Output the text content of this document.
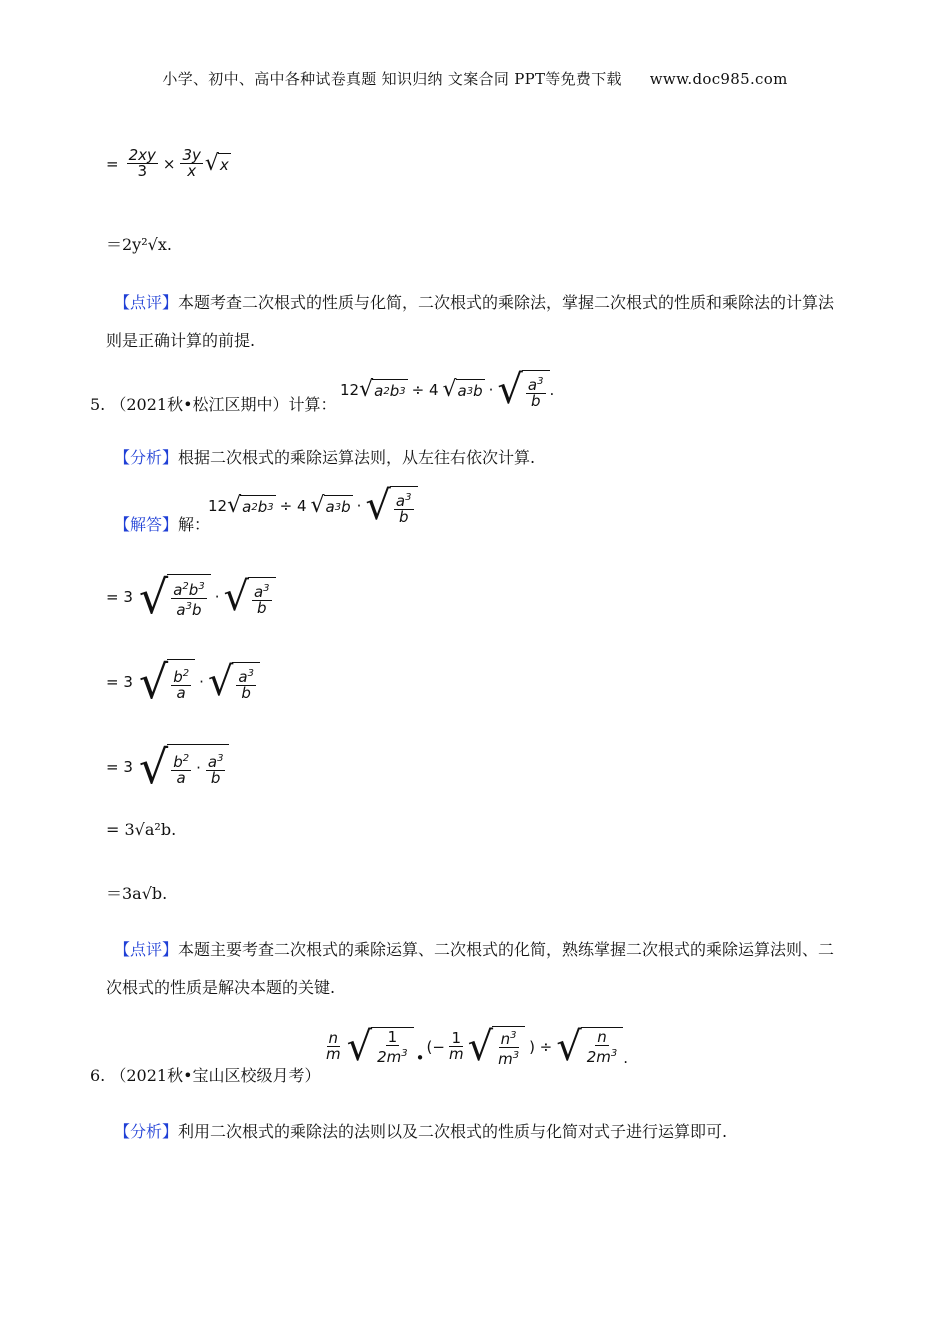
小学、初中、高中各种试卷真题 知识归纳 文案合同 PPT等免费下载 www.doc985.com
= $\frac{2xy}{3} \times \frac{3y}{x}$ √ x
＝2y²√x.
【点评】本题考查二次根式的性质与化简，二次根式的乘除法，掌握二次根式的性质和乘除法的计算法
则是正确计算的前提.
5. （2021秋•松江区期中）计算：
12 √ a 2 b 3 ÷ 4 √ a 3 b · √ $\frac{a^3}{b}$ .
【分析】根据二次根式的乘除运算法则，从左往右依次计算.
【解答】解：
12 √ a 2 b 3 ÷ 4 √ a 3 b · √ $\frac{a^3}{b}$
= 3 √ $\frac{a^2b^3}{a^3b}$ · √ $\frac{a^3}{b}$
= 3 √ $\frac{b^2}{a}$ · √ $\frac{a^3}{b}$
= 3 √ $\frac{b^2}{a} \cdot \frac{a^3}{b}$
= 3√a²b.
＝3a√b.
【点评】本题主要考查二次根式的乘除运算、二次根式的化简，熟练掌握二次根式的乘除运算法则、二
次根式的性质是解决本题的关键.
6. （2021秋•宝山区校级月考）
$\frac{n}{m}$ √ $\frac{1}{2m^3}$ •
(− $\frac{1}{m}$ √ $\frac{n^3}{m^3}$ ) ÷ √ $\frac{n}{2m^3}$ .
【分析】利用二次根式的乘除法的法则以及二次根式的性质与化简对式子进行运算即可.
